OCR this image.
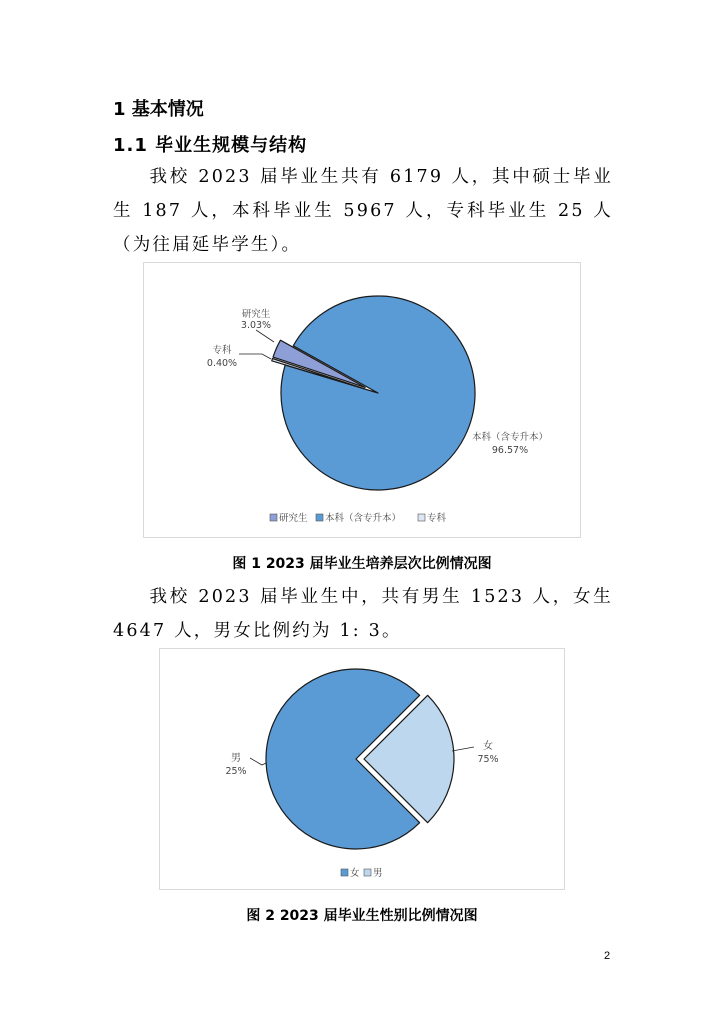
1 基本情况
1.1 毕业生规模与结构

我校 2023 届毕业生共有 6179 人，其中硕士毕业生 187 人，本科毕业生 5967 人，专科毕业生 25 人（为往届延毕学生）。

研究生
3.03%
专科
0.40%
本科（含专升本）
96.57%
研究生 本科（含专升本）	专科
图 1 2023 届毕业生培养层次比例情况图

我校 2023 届毕业生中，共有男生 1523 人，女生 4647 人，男女比例约为 1: 3。

女
75%
男
25%
女 男
图 2 2023 届毕业生性别比例情况图
2
